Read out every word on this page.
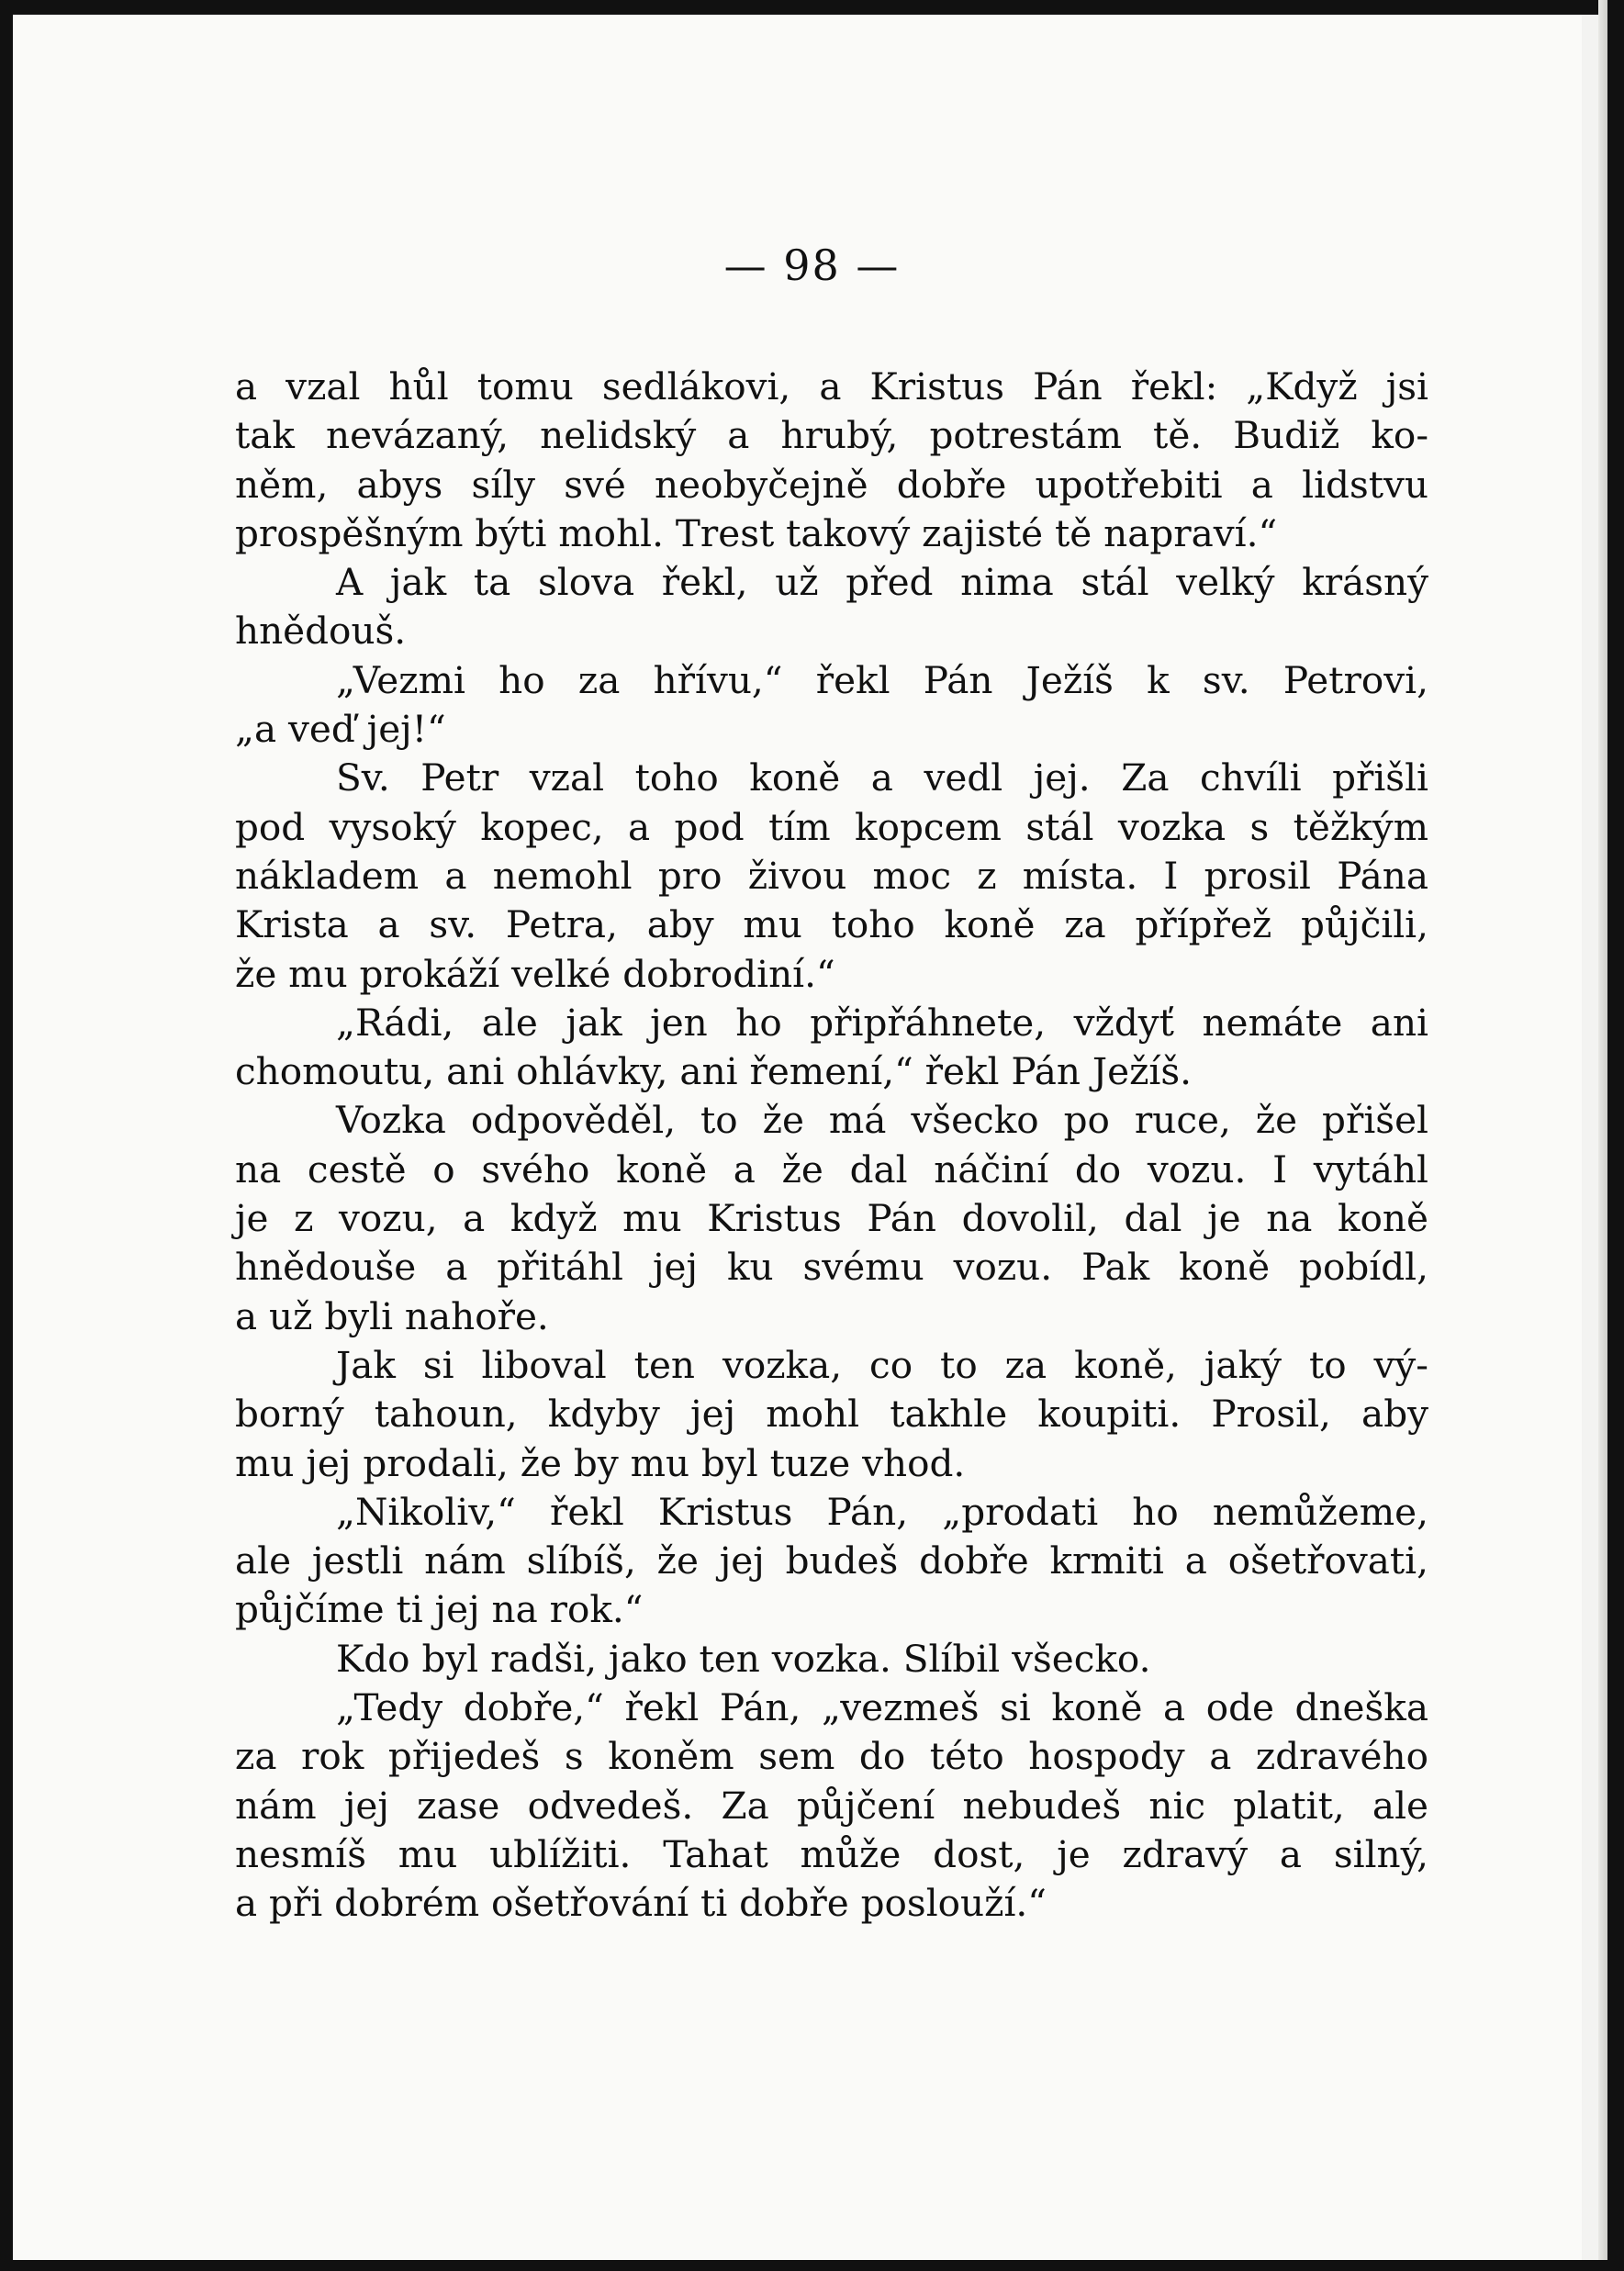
— 98 —
a vzal hůl tomu sedlákovi, a Kristus Pán řekl: „Když jsi
tak nevázaný, nelidský a hrubý, potrestám tě. Budiž ko-
něm, abys síly své neobyčejně dobře upotřebiti a lidstvu
prospěšným býti mohl. Trest takový zajisté tě napraví.“
A jak ta slova řekl, už před nima stál velký krásný
hnědouš.
„Vezmi ho za hřívu,“ řekl Pán Ježíš k sv. Petrovi,
„a veď jej!“
Sv. Petr vzal toho koně a vedl jej. Za chvíli přišli
pod vysoký kopec, a pod tím kopcem stál vozka s těžkým
nákladem a nemohl pro živou moc z místa. I prosil Pána
Krista a sv. Petra, aby mu toho koně za přípřež půjčili,
že mu prokáží velké dobrodiní.“
„Rádi, ale jak jen ho připřáhnete, vždyť nemáte ani
chomoutu, ani ohlávky, ani řemení,“ řekl Pán Ježíš.
Vozka odpověděl, to že má všecko po ruce, že přišel
na cestě o svého koně a že dal náčiní do vozu. I vytáhl
je z vozu, a když mu Kristus Pán dovolil, dal je na koně
hnědouše a přitáhl jej ku svému vozu. Pak koně pobídl,
a už byli nahoře.
Jak si liboval ten vozka, co to za koně, jaký to vý-
borný tahoun, kdyby jej mohl takhle koupiti. Prosil, aby
mu jej prodali, že by mu byl tuze vhod.
„Nikoliv,“ řekl Kristus Pán, „prodati ho nemůžeme,
ale jestli nám slíbíš, že jej budeš dobře krmiti a ošetřovati,
půjčíme ti jej na rok.“
Kdo byl radši, jako ten vozka. Slíbil všecko.
„Tedy dobře,“ řekl Pán, „vezmeš si koně a ode dneška
za rok přijedeš s koněm sem do této hospody a zdravého
nám jej zase odvedeš. Za půjčení nebudeš nic platit, ale
nesmíš mu ublížiti. Tahat může dost, je zdravý a silný,
a při dobrém ošetřování ti dobře poslouží.“
